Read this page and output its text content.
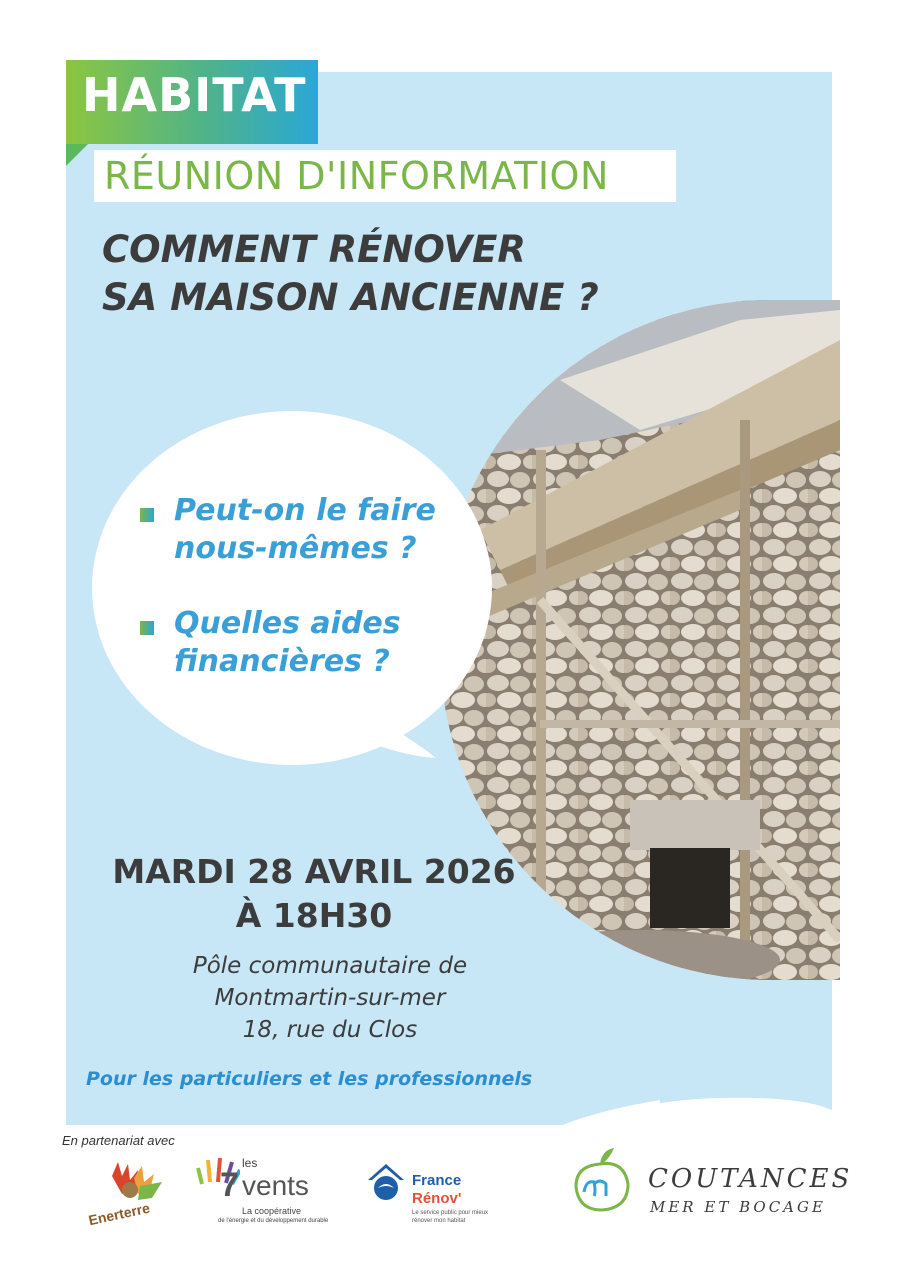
HABITAT
RÉUNION D'INFORMATION
COMMENT RÉNOVER
SA MAISON ANCIENNE ?
Peut-on le faire
nous-mêmes ?
Quelles aides
financières ?
MARDI 28 AVRIL 2026
À 18H30
Pôle communautaire de
Montmartin-sur-mer
18, rue du Clos
Pour les particuliers et les professionnels
En partenariat avec
Enerterre
les
7 vents
La coopérative
de l'énergie et du développement durable
France
Rénov'
Le service public pour mieux
rénover mon habitat
COUTANCES
MER ET BOCAGE
